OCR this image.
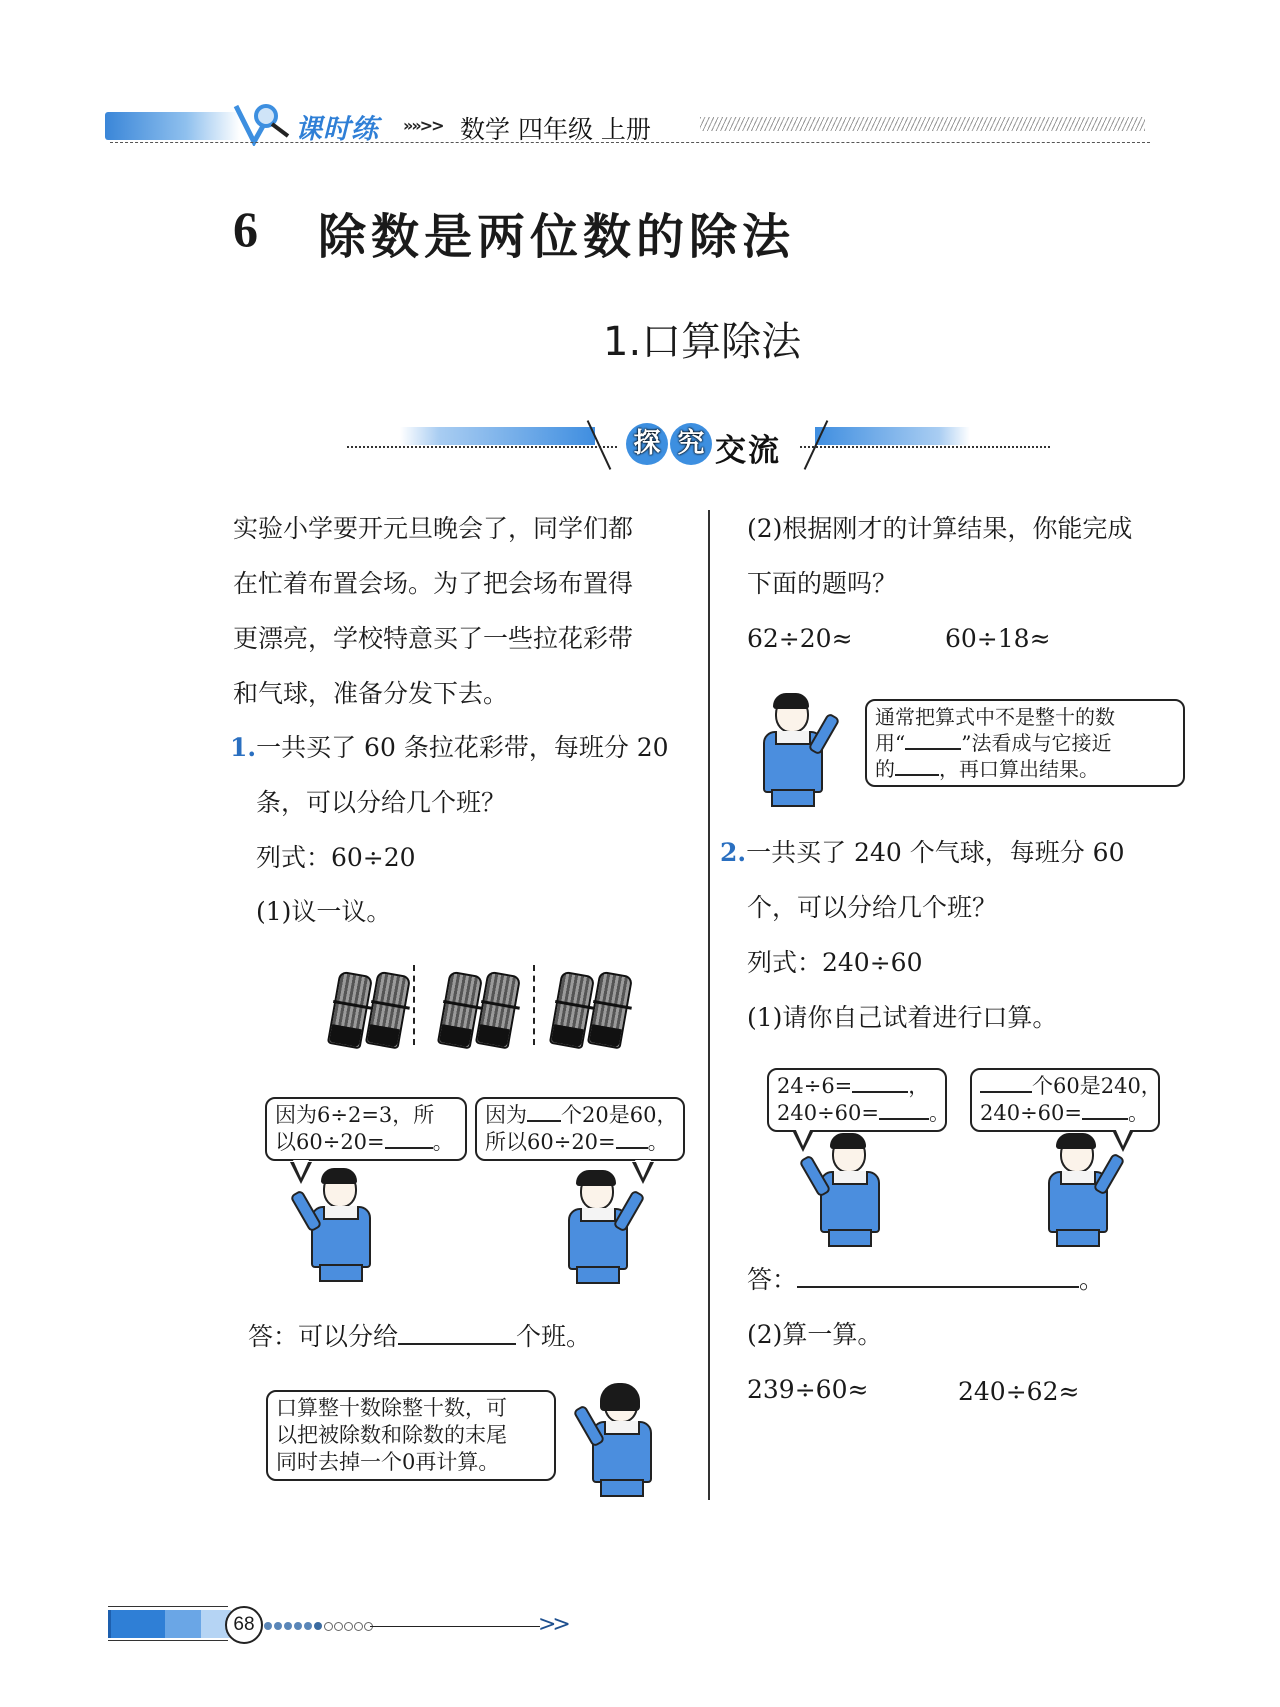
课时练 »»>> 数学 四年级 上册
6 除数是两位数的除法
1.口算除法
探 究 交流
实验小学要开元旦晚会了，同学们都
在忙着布置会场。为了把会场布置得
更漂亮，学校特意买了一些拉花彩带
和气球，准备分发下去。
1.一共买了 60 条拉花彩带，每班分 20
条，可以分给几个班？
列式：60÷20
(1)议一议。
因为6÷2=3，所
以60÷20= 。
因为 个20是60，
所以60÷20= 。
答：可以分给	个班。
口算整十数除整十数，可
以把被除数和除数的末尾
同时去掉一个0再计算。
(2)根据刚才的计算结果，你能完成
下面的题吗？
62÷20≈	60÷18≈
通常把算式中不是整十的数
用“	”法看成与它接近
的 ，再口算出结果。
2.一共买了 240 个气球，每班分 60
个，可以分给几个班？
列式：240÷60
(1)请你自己试着进行口算。
24÷6=	，
240÷60= 。
个60是240，
240÷60= 。
答：	。
(2)算一算。
239÷60≈	240÷62≈
68	>>
